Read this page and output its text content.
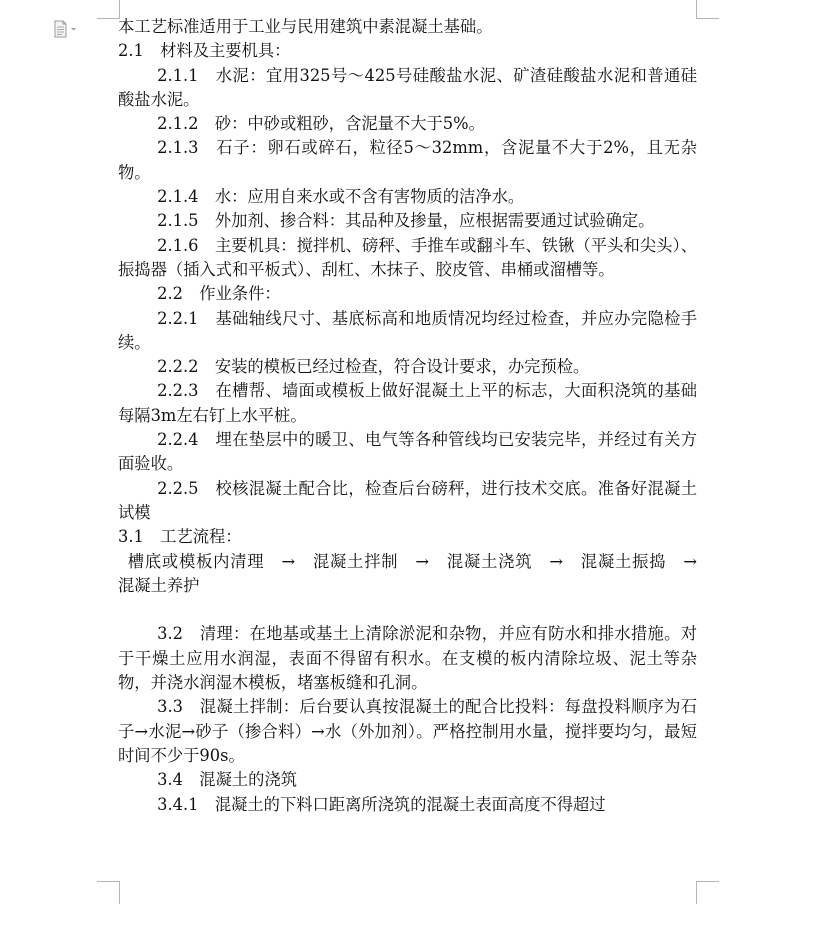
本工艺标准适用于工业与民用建筑中素混凝土基础。

2.1　材料及主要机具：

2.1.1　水泥：宜用325号～425号硅酸盐水泥、矿渣硅酸盐水泥和普通硅酸盐水泥。

2.1.2　砂：中砂或粗砂，含泥量不大于5%。

2.1.3　石子：卵石或碎石，粒径5～32mm，含泥量不大于2%，且无杂物。

2.1.4　水：应用自来水或不含有害物质的洁净水。

2.1.5　外加剂、掺合料：其品种及掺量，应根据需要通过试验确定。

2.1.6　主要机具：搅拌机、磅秤、手推车或翻斗车、铁锹（平头和尖头）、振捣器（插入式和平板式）、刮杠、木抹子、胶皮管、串桶或溜槽等。

2.2　作业条件：

2.2.1　基础轴线尺寸、基底标高和地质情况均经过检查，并应办完隐检手续。

2.2.2　安装的模板已经过检查，符合设计要求，办完预检。

2.2.3　在槽帮、墙面或模板上做好混凝土上平的标志，大面积浇筑的基础每隔3m左右钉上水平桩。

2.2.4　埋在垫层中的暖卫、电气等各种管线均已安装完毕，并经过有关方面验收。

2.2.5　校核混凝土配合比，检查后台磅秤，进行技术交底。准备好混凝土试模

3.1　工艺流程：

槽底或模板内清理　→　混凝土拌制　→　混凝土浇筑　→　混凝土振捣　→　混凝土养护

3.2　清理：在地基或基土上清除淤泥和杂物，并应有防水和排水措施。对于干燥土应用水润湿，表面不得留有积水。在支模的板内清除垃圾、泥土等杂物，并浇水润湿木模板，堵塞板缝和孔洞。

3.3　混凝土拌制：后台要认真按混凝土的配合比投料：每盘投料顺序为石子→水泥→砂子（掺合料）→水（外加剂）。严格控制用水量，搅拌要均匀，最短时间不少于90s。

3.4　混凝土的浇筑

3.4.1　混凝土的下料口距离所浇筑的混凝土表面高度不得超过
